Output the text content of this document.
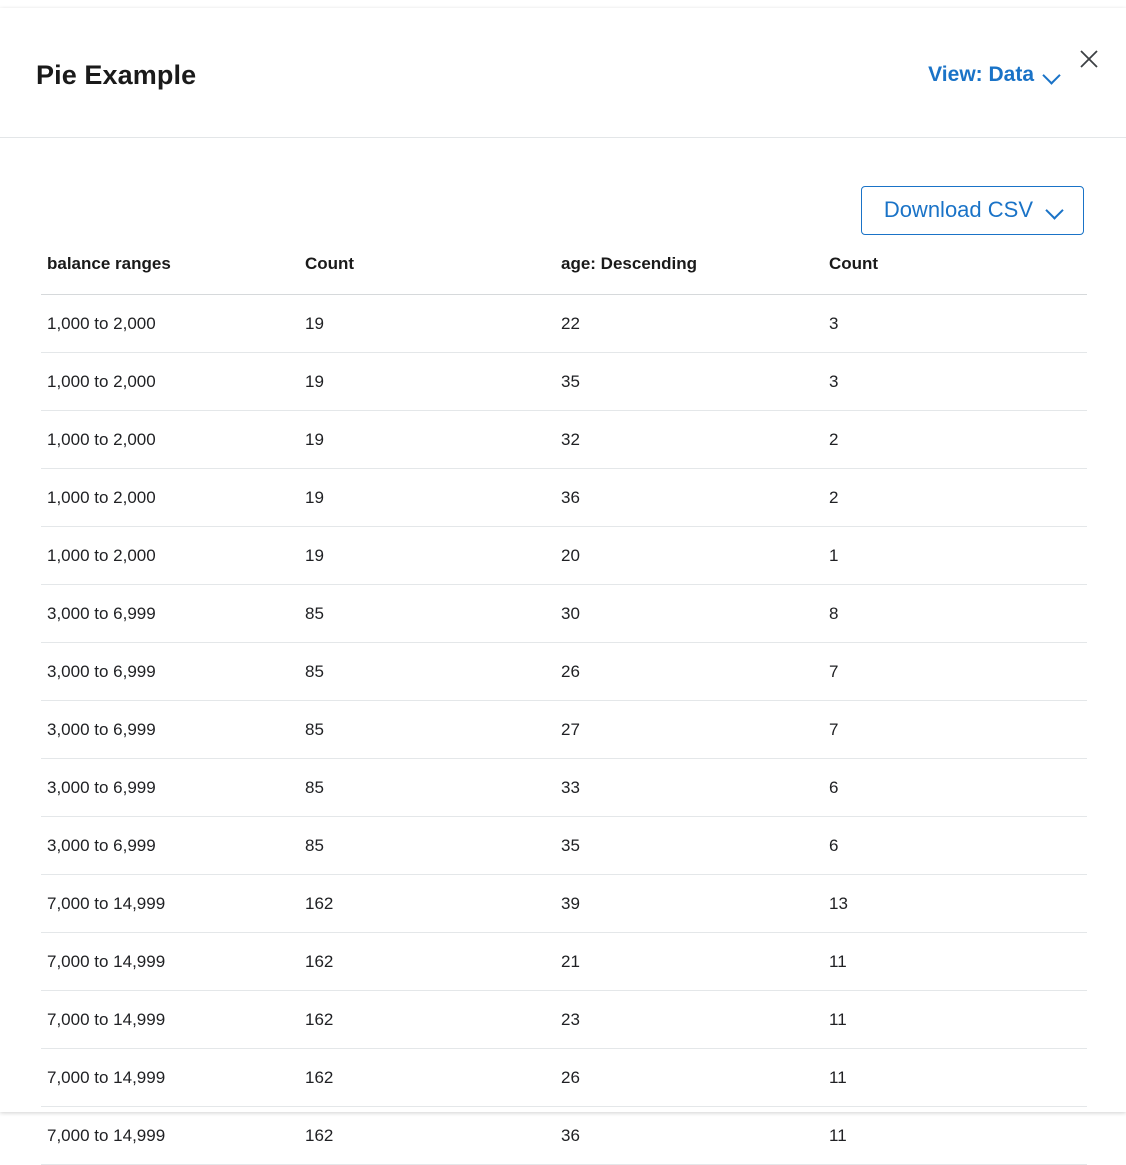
Pie Example	View: Data
Download CSV
balance ranges	Count	age: Descending	Count
1,000 to 2,000	19	22	3
1,000 to 2,000	19	35	3
1,000 to 2,000	19	32	2
1,000 to 2,000	19	36	2
1,000 to 2,000	19	20	1
3,000 to 6,999	85	30	8
3,000 to 6,999	85	26	7
3,000 to 6,999	85	27	7
3,000 to 6,999	85	33	6
3,000 to 6,999	85	35	6
7,000 to 14,999	162	39	13
7,000 to 14,999	162	21	11
7,000 to 14,999	162	23	11
7,000 to 14,999	162	26	11
7,000 to 14,999	162	36	11
